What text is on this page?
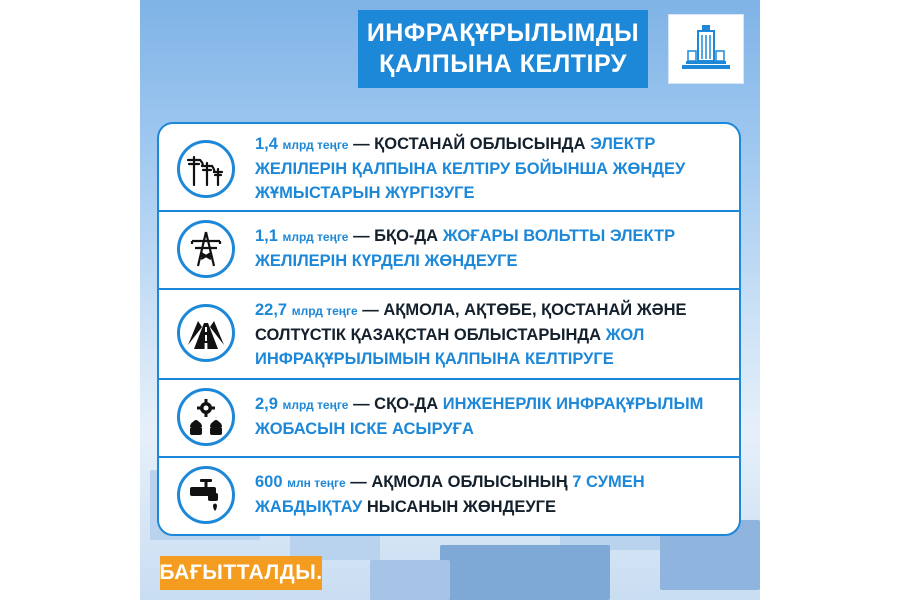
ИНФРАҚҰРЫЛЫМДЫ
ҚАЛПЫНА КЕЛТІРУ
1,4 млрд теңге — ҚОСТАНАЙ ОБЛЫСЫНДА ЭЛЕКТР ЖЕЛІЛЕРІН ҚАЛПЫНА КЕЛТІРУ БОЙЫНША ЖӨНДЕУ ЖҰМЫСТАРЫН ЖҮРГІЗУГЕ
1,1 млрд теңге — БҚО-ДА ЖОҒАРЫ ВОЛЬТТЫ ЭЛЕКТР ЖЕЛІЛЕРІН КҮРДЕЛІ ЖӨНДЕУГЕ
22,7 млрд теңге — АҚМОЛА, АҚТӨБЕ, ҚОСТАНАЙ ЖӘНЕ СОЛТҮСТІК ҚАЗАҚСТАН ОБЛЫСТАРЫНДА ЖОЛ ИНФРАҚҰРЫЛЫМЫН ҚАЛПЫНА КЕЛТІРУГЕ
2,9 млрд теңге — СҚО-ДА ИНЖЕНЕРЛІК ИНФРАҚҰРЫЛЫМ ЖОБАСЫН ІСКЕ АСЫРУҒА
600 млн теңге — АҚМОЛА ОБЛЫСЫНЫҢ 7 СУМЕН ЖАБДЫҚТАУ НЫСАНЫН ЖӨНДЕУГЕ
БАҒЫТТАЛДЫ.
